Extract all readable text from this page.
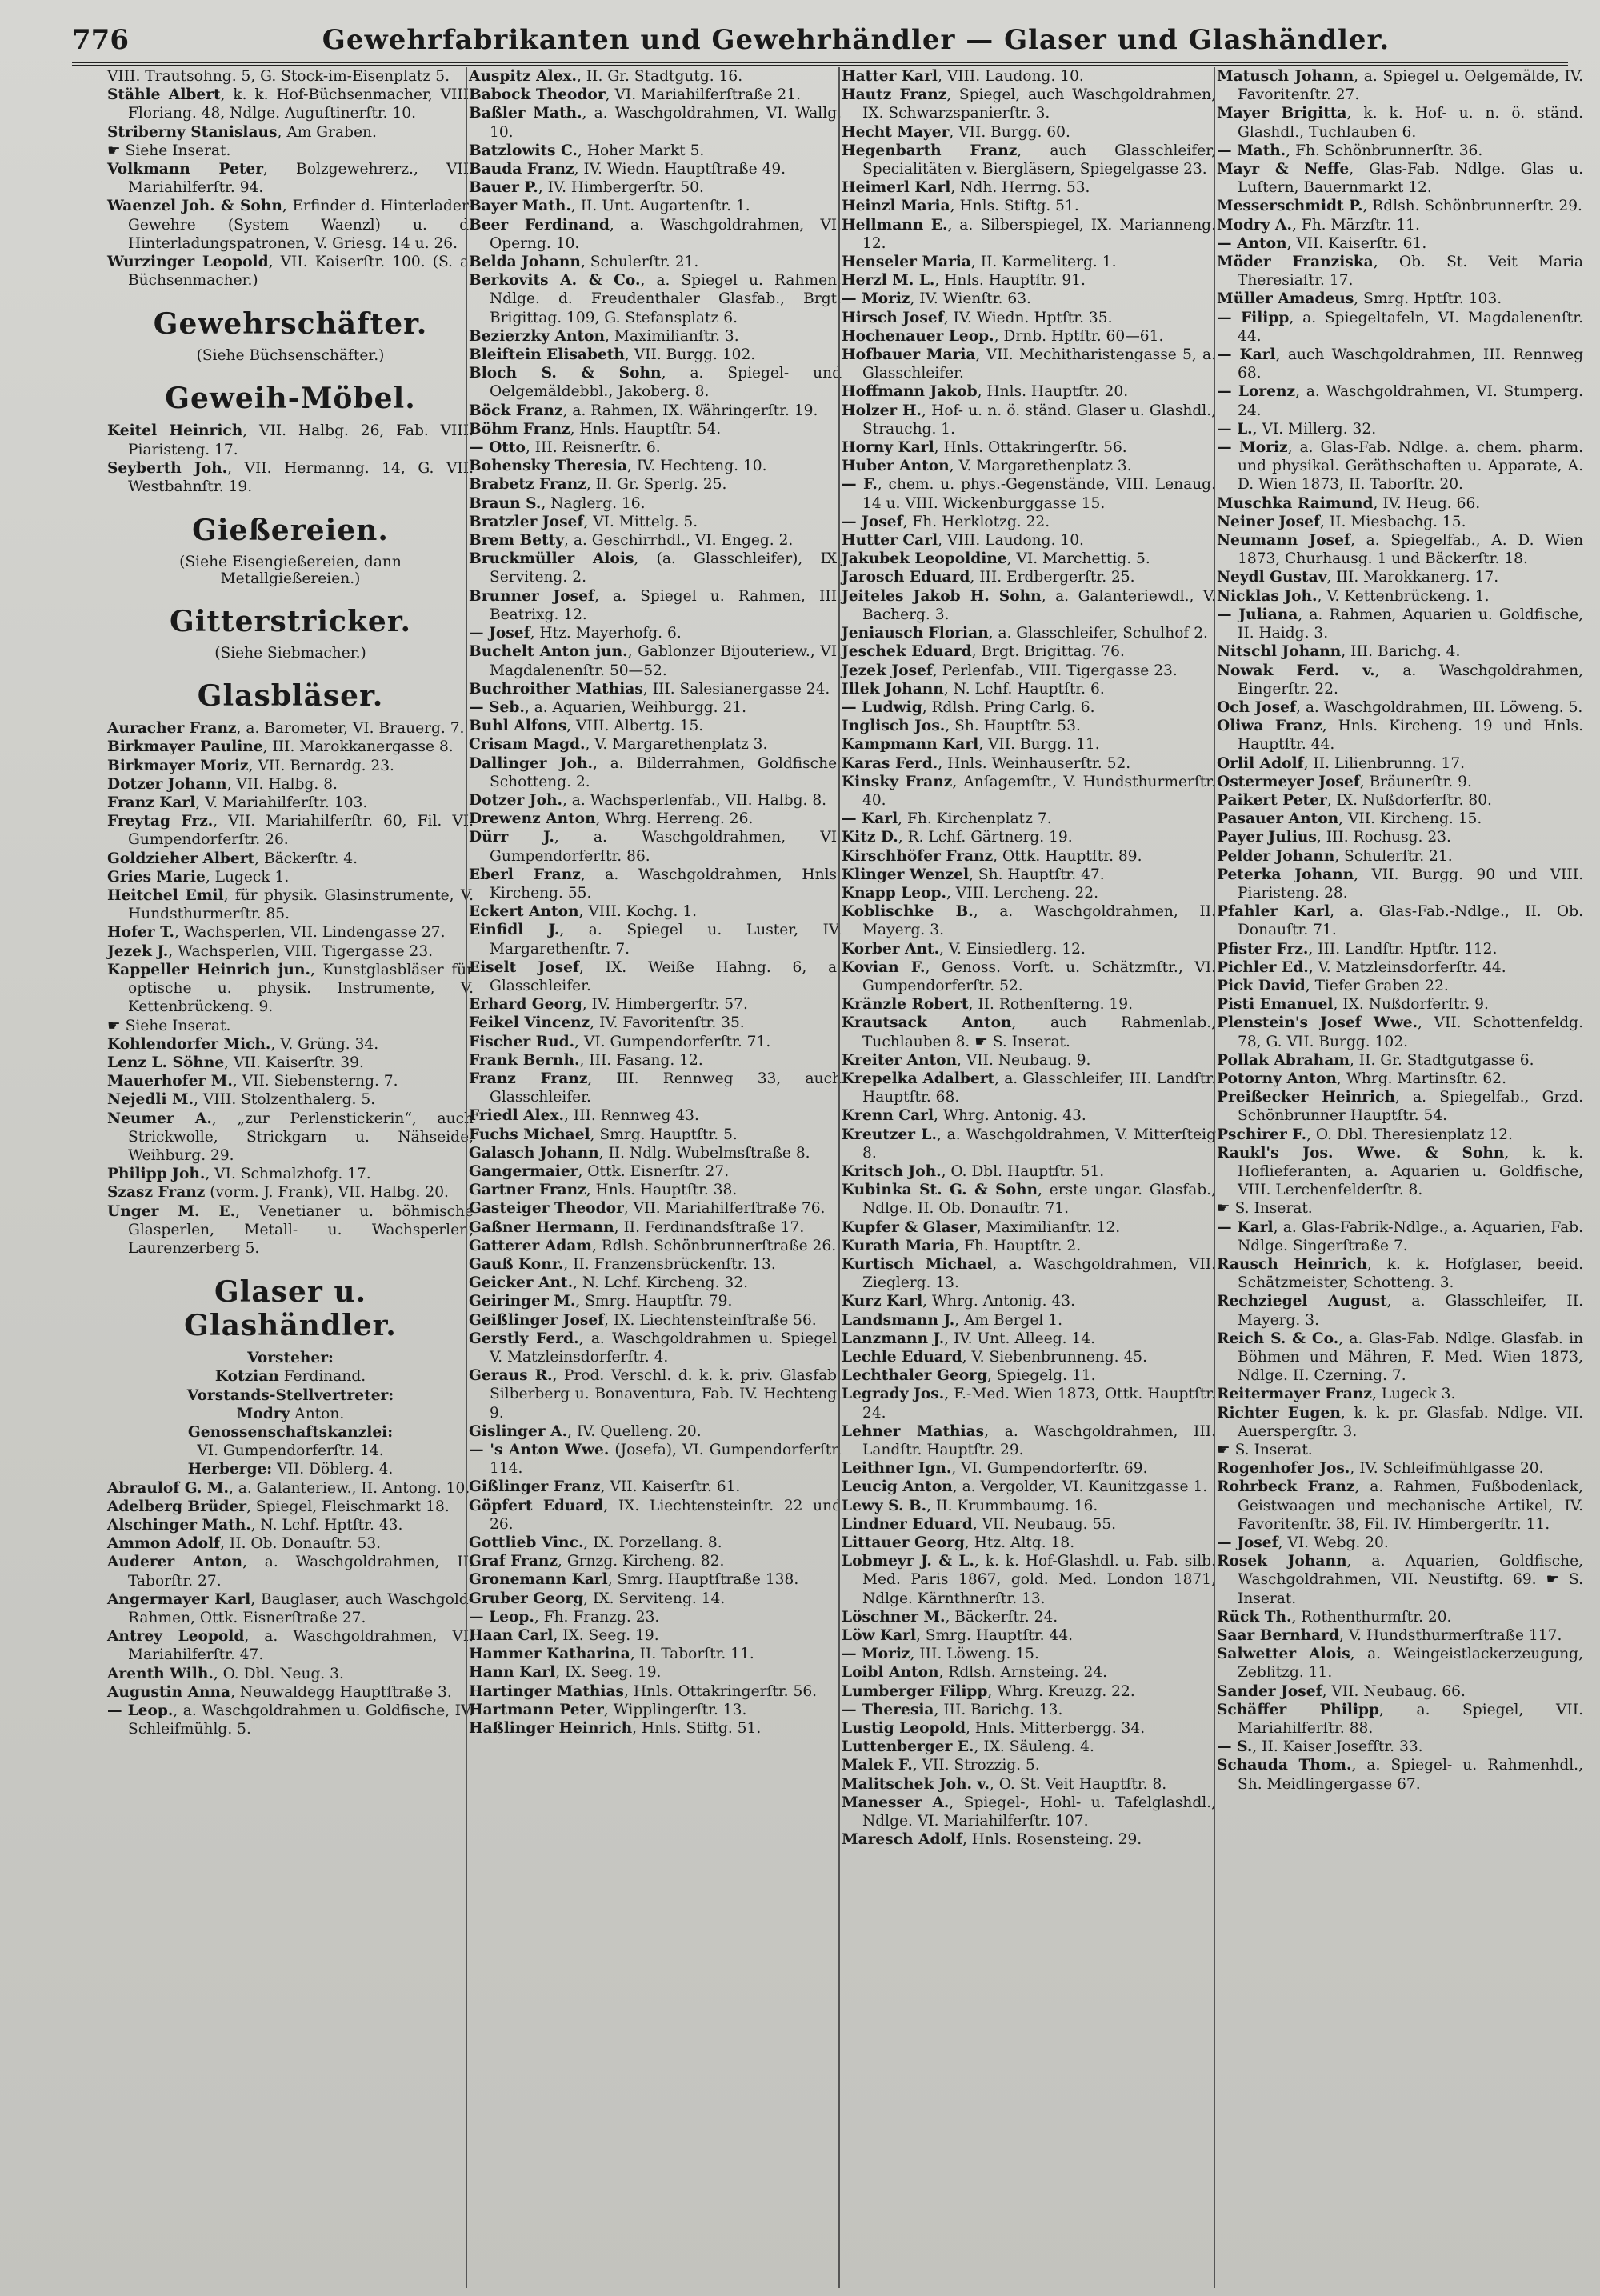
776	Gewehrfabrikanten und Gewehrhändler — Glaser und Glashändler.
VIII. Trautsohng. 5, G. Stock-im-Eisenplatz 5.
Stähle Albert, k. k. Hof-Büchsenmacher, VIII. Floriang. 48, Ndlge. Auguſtinerſtr. 10.
Striberny Stanislaus, Am Graben.
☛ Siehe Inserat.
Volkmann Peter, Bolzgewehrerz., VII. Mariahilferſtr. 94.
Waenzel Joh. & Sohn, Erfinder d. Hinterlader-Gewehre (System Waenzl) u. d. Hinterladungspatronen, V. Griesg. 14 u. 26.
Wurzinger Leopold, VII. Kaiserſtr. 100. (S. a. Büchsenmacher.)
Gewehrschäfter.
(Siehe Büchsenschäfter.)
Geweih-Möbel.
Keitel Heinrich, VII. Halbg. 26, Fab. VIII. Piaristeng. 17.
Seyberth Joh., VII. Hermanng. 14, G. VII. Westbahnſtr. 19.
Gießereien.
(Siehe Eisengießereien, dann Metallgießereien.)
Gitterstricker.
(Siehe Siebmacher.)
Glasbläser.
Auracher Franz, a. Barometer, VI. Brauerg. 7.
Birkmayer Pauline, III. Marokkanergasse 8.
Birkmayer Moriz, VII. Bernardg. 23.
Dotzer Johann, VII. Halbg. 8.
Franz Karl, V. Mariahilferſtr. 103.
Freytag Frz., VII. Mariahilferſtr. 60, Fil. VI. Gumpendorferſtr. 26.
Goldzieher Albert, Bäckerſtr. 4.
Gries Marie, Lugeck 1.
Heitchel Emil, für physik. Glasinstrumente, V. Hundsthurmerſtr. 85.
Hofer T., Wachsperlen, VII. Lindengasse 27.
Jezek J., Wachsperlen, VIII. Tigergasse 23.
Kappeller Heinrich jun., Kunstglasbläser für optische u. physik. Instrumente, V. Kettenbrückeng. 9.
☛ Siehe Inserat.
Kohlendorfer Mich., V. Grüng. 34.
Lenz L. Söhne, VII. Kaiserſtr. 39.
Mauerhofer M., VII. Siebensterng. 7.
Nejedli M., VIII. Stolzenthalerg. 5.
Neumer A., „zur Perlenstickerin“, auch Strickwolle, Strickgarn u. Nähseide, Weihburg. 29.
Philipp Joh., VI. Schmalzhofg. 17.
Szasz Franz (vorm. J. Frank), VII. Halbg. 20.
Unger M. E., Venetianer u. böhmische Glasperlen, Metall- u. Wachsperlen, Laurenzerberg 5.
Glaser u. Glashändler.
Vorsteher:
Kotzian Ferdinand.
Vorstands-Stellvertreter:
Modry Anton.
Genossenschaftskanzlei:
VI. Gumpendorferſtr. 14.
Herberge: VII. Döblerg. 4.
Abraulof G. M., a. Galanteriew., II. Antong. 10.
Adelberg Brüder, Spiegel, Fleischmarkt 18.
Alschinger Math., N. Lchf. Hptſtr. 43.
Ammon Adolf, II. Ob. Donauſtr. 53.
Auderer Anton, a. Waschgoldrahmen, II. Taborſtr. 27.
Angermayer Karl, Bauglaser, auch Waschgold-Rahmen, Ottk. Eisnerſtraße 27.
Antrey Leopold, a. Waschgoldrahmen, VI. Mariahilferſtr. 47.
Arenth Wilh., O. Dbl. Neug. 3.
Augustin Anna, Neuwaldegg Hauptſtraße 3.
— Leop., a. Waschgoldrahmen u. Goldfische, IV. Schleifmühlg. 5.
Auspitz Alex., II. Gr. Stadtgutg. 16.
Babock Theodor, VI. Mariahilferſtraße 21.
Baßler Math., a. Waschgoldrahmen, VI. Wallg. 10.
Batzlowits C., Hoher Markt 5.
Bauda Franz, IV. Wiedn. Hauptſtraße 49.
Bauer P., IV. Himbergerſtr. 50.
Bayer Math., II. Unt. Augartenſtr. 1.
Beer Ferdinand, a. Waschgoldrahmen, VI. Operng. 10.
Belda Johann, Schulerſtr. 21.
Berkovits A. & Co., a. Spiegel u. Rahmen, Ndlge. d. Freudenthaler Glasfab., Brgt. Brigittag. 109, G. Stefansplatz 6.
Bezierzky Anton, Maximilianſtr. 3.
Bleiftein Elisabeth, VII. Burgg. 102.
Bloch S. & Sohn, a. Spiegel- und Oelgemäldebbl., Jakoberg. 8.
Böck Franz, a. Rahmen, IX. Währingerſtr. 19.
Böhm Franz, Hnls. Hauptſtr. 54.
— Otto, III. Reisnerſtr. 6.
Bohensky Theresia, IV. Hechteng. 10.
Brabetz Franz, II. Gr. Sperlg. 25.
Braun S., Naglerg. 16.
Bratzler Josef, VI. Mittelg. 5.
Brem Betty, a. Geschirrhdl., VI. Engeg. 2.
Bruckmüller Alois, (a. Glasschleifer), IX. Serviteng. 2.
Brunner Josef, a. Spiegel u. Rahmen, III. Beatrixg. 12.
— Josef, Htz. Mayerhofg. 6.
Buchelt Anton jun., Gablonzer Bijouteriew., VI. Magdalenenſtr. 50—52.
Buchroither Mathias, III. Salesianergasse 24.
— Seb., a. Aquarien, Weihburgg. 21.
Buhl Alfons, VIII. Albertg. 15.
Crisam Magd., V. Margarethenplatz 3.
Dallinger Joh., a. Bilderrahmen, Goldfische, Schotteng. 2.
Dotzer Joh., a. Wachsperlenfab., VII. Halbg. 8.
Drewenz Anton, Whrg. Herreng. 26.
Dürr J., a. Waschgoldrahmen, VI. Gumpendorferſtr. 86.
Eberl Franz, a. Waschgoldrahmen, Hnls. Kircheng. 55.
Eckert Anton, VIII. Kochg. 1.
Einfidl J., a. Spiegel u. Luster, IV. Margarethenſtr. 7.
Eiselt Josef, IX. Weiße Hahng. 6, a. Glasschleifer.
Erhard Georg, IV. Himbergerſtr. 57.
Feikel Vincenz, IV. Favoritenſtr. 35.
Fischer Rud., VI. Gumpendorferſtr. 71.
Frank Bernh., III. Fasang. 12.
Franz Franz, III. Rennweg 33, auch Glasschleifer.
Friedl Alex., III. Rennweg 43.
Fuchs Michael, Smrg. Hauptſtr. 5.
Galasch Johann, II. Ndlg. Wubelmsſtraße 8.
Gangermaier, Ottk. Eisnerſtr. 27.
Gartner Franz, Hnls. Hauptſtr. 38.
Gasteiger Theodor, VII. Mariahilferſtraße 76.
Gaßner Hermann, II. Ferdinandsſtraße 17.
Gatterer Adam, Rdlsh. Schönbrunnerſtraße 26.
Gauß Konr., II. Franzensbrückenſtr. 13.
Geicker Ant., N. Lchf. Kircheng. 32.
Geiringer M., Smrg. Hauptſtr. 79.
Geißlinger Josef, IX. Liechtensteinſtraße 56.
Gerstly Ferd., a. Waschgoldrahmen u. Spiegel, V. Matzleinsdorferſtr. 4.
Geraus R., Prod. Verschl. d. k. k. priv. Glasfab. Silberberg u. Bonaventura, Fab. IV. Hechteng. 9.
Gislinger A., IV. Quelleng. 20.
— 's Anton Wwe. (Josefa), VI. Gumpendorferſtr. 114.
Gißlinger Franz, VII. Kaiserſtr. 61.
Göpfert Eduard, IX. Liechtensteinſtr. 22 und 26.
Gottlieb Vinc., IX. Porzellang. 8.
Graf Franz, Grnzg. Kircheng. 82.
Gronemann Karl, Smrg. Hauptſtraße 138.
Gruber Georg, IX. Serviteng. 14.
— Leop., Fh. Franzg. 23.
Haan Carl, IX. Seeg. 19.
Hammer Katharina, II. Taborſtr. 11.
Hann Karl, IX. Seeg. 19.
Hartinger Mathias, Hnls. Ottakringerſtr. 56.
Hartmann Peter, Wipplingerſtr. 13.
Haßlinger Heinrich, Hnls. Stiftg. 51.
Hatter Karl, VIII. Laudong. 10.
Hautz Franz, Spiegel, auch Waschgoldrahmen, IX. Schwarzspanierſtr. 3.
Hecht Mayer, VII. Burgg. 60.
Hegenbarth Franz, auch Glasschleifer, Specialitäten v. Biergläsern, Spiegelgasse 23.
Heimerl Karl, Ndh. Herrng. 53.
Heinzl Maria, Hnls. Stiftg. 51.
Hellmann E., a. Silberspiegel, IX. Marianneng. 12.
Henseler Maria, II. Karmeliterg. 1.
Herzl M. L., Hnls. Hauptſtr. 91.
— Moriz, IV. Wienſtr. 63.
Hirsch Josef, IV. Wiedn. Hptſtr. 35.
Hochenauer Leop., Drnb. Hptſtr. 60—61.
Hofbauer Maria, VII. Mechitharistengasse 5, a. Glasschleifer.
Hoffmann Jakob, Hnls. Hauptſtr. 20.
Holzer H., Hof- u. n. ö. ständ. Glaser u. Glashdl., Strauchg. 1.
Horny Karl, Hnls. Ottakringerſtr. 56.
Huber Anton, V. Margarethenplatz 3.
— F., chem. u. phys.-Gegenstände, VIII. Lenaug. 14 u. VIII. Wickenburggasse 15.
— Josef, Fh. Herklotzg. 22.
Hutter Carl, VIII. Laudong. 10.
Jakubek Leopoldine, VI. Marchettig. 5.
Jarosch Eduard, III. Erdbergerſtr. 25.
Jeiteles Jakob H. Sohn, a. Galanteriewdl., V. Bacherg. 3.
Jeniausch Florian, a. Glasschleifer, Schulhof 2.
Jeschek Eduard, Brgt. Brigittag. 76.
Jezek Josef, Perlenfab., VIII. Tigergasse 23.
Illek Johann, N. Lchf. Hauptſtr. 6.
— Ludwig, Rdlsh. Pring Carlg. 6.
Inglisch Jos., Sh. Hauptſtr. 53.
Kampmann Karl, VII. Burgg. 11.
Karas Ferd., Hnls. Weinhauserſtr. 52.
Kinsky Franz, Anſagemſtr., V. Hundsthurmerſtr. 40.
— Karl, Fh. Kirchenplatz 7.
Kitz D., R. Lchf. Gärtnerg. 19.
Kirschhöfer Franz, Ottk. Hauptſtr. 89.
Klinger Wenzel, Sh. Hauptſtr. 47.
Knapp Leop., VIII. Lercheng. 22.
Koblischke B., a. Waschgoldrahmen, II. Mayerg. 3.
Korber Ant., V. Einsiedlerg. 12.
Kovian F., Genoss. Vorſt. u. Schätzmſtr., VI. Gumpendorferſtr. 52.
Kränzle Robert, II. Rothenſterng. 19.
Krautsack Anton, auch Rahmenlab., Tuchlauben 8. ☛ S. Inserat.
Kreiter Anton, VII. Neubaug. 9.
Krepelka Adalbert, a. Glasschleifer, III. Landſtr. Hauptſtr. 68.
Krenn Carl, Whrg. Antonig. 43.
Kreutzer L., a. Waschgoldrahmen, V. Mitterſteig 8.
Kritsch Joh., O. Dbl. Hauptſtr. 51.
Kubinka St. G. & Sohn, erste ungar. Glasfab., Ndlge. II. Ob. Donauſtr. 71.
Kupfer & Glaser, Maximilianſtr. 12.
Kurath Maria, Fh. Hauptſtr. 2.
Kurtisch Michael, a. Waschgoldrahmen, VII. Zieglerg. 13.
Kurz Karl, Whrg. Antonig. 43.
Landsmann J., Am Bergel 1.
Lanzmann J., IV. Unt. Alleeg. 14.
Lechle Eduard, V. Siebenbrunneng. 45.
Lechthaler Georg, Spiegelg. 11.
Legrady Jos., F.-Med. Wien 1873, Ottk. Hauptſtr. 24.
Lehner Mathias, a. Waschgoldrahmen, III. Landſtr. Hauptſtr. 29.
Leithner Ign., VI. Gumpendorferſtr. 69.
Leucig Anton, a. Vergolder, VI. Kaunitzgasse 1.
Lewy S. B., II. Krummbaumg. 16.
Lindner Eduard, VII. Neubaug. 55.
Littauer Georg, Htz. Altg. 18.
Lobmeyr J. & L., k. k. Hof-Glashdl. u. Fab. silb. Med. Paris 1867, gold. Med. London 1871, Ndlge. Kärnthnerſtr. 13.
Löschner M., Bäckerſtr. 24.
Löw Karl, Smrg. Hauptſtr. 44.
— Moriz, III. Löweng. 15.
Loibl Anton, Rdlsh. Arnsteing. 24.
Lumberger Filipp, Whrg. Kreuzg. 22.
— Theresia, III. Barichg. 13.
Lustig Leopold, Hnls. Mitterbergg. 34.
Luttenberger E., IX. Säuleng. 4.
Malek F., VII. Strozzig. 5.
Malitschek Joh. v., O. St. Veit Hauptſtr. 8.
Manesser A., Spiegel-, Hohl- u. Tafelglashdl., Ndlge. VI. Mariahilferſtr. 107.
Maresch Adolf, Hnls. Rosensteing. 29.
Matusch Johann, a. Spiegel u. Oelgemälde, IV. Favoritenſtr. 27.
Mayer Brigitta, k. k. Hof- u. n. ö. ständ. Glashdl., Tuchlauben 6.
— Math., Fh. Schönbrunnerſtr. 36.
Mayr & Neffe, Glas-Fab. Ndlge. Glas u. Luſtern, Bauernmarkt 12.
Messerschmidt P., Rdlsh. Schönbrunnerſtr. 29.
Modry A., Fh. Märzſtr. 11.
— Anton, VII. Kaiserſtr. 61.
Möder Franziska, Ob. St. Veit Maria Theresiaſtr. 17.
Müller Amadeus, Smrg. Hptſtr. 103.
— Filipp, a. Spiegeltafeln, VI. Magdalenenſtr. 44.
— Karl, auch Waschgoldrahmen, III. Rennweg 68.
— Lorenz, a. Waschgoldrahmen, VI. Stumperg. 24.
— L., VI. Millerg. 32.
— Moriz, a. Glas-Fab. Ndlge. a. chem. pharm. und physikal. Geräthschaften u. Apparate, A. D. Wien 1873, II. Taborſtr. 20.
Muschka Raimund, IV. Heug. 66.
Neiner Josef, II. Miesbachg. 15.
Neumann Josef, a. Spiegelfab., A. D. Wien 1873, Churhausg. 1 und Bäckerſtr. 18.
Neydl Gustav, III. Marokkanerg. 17.
Nicklas Joh., V. Kettenbrückeng. 1.
— Juliana, a. Rahmen, Aquarien u. Goldfische, II. Haidg. 3.
Nitschl Johann, III. Barichg. 4.
Nowak Ferd. v., a. Waschgoldrahmen, Eingerſtr. 22.
Och Josef, a. Waschgoldrahmen, III. Löweng. 5.
Oliwa Franz, Hnls. Kircheng. 19 und Hnls. Hauptſtr. 44.
Orlil Adolf, II. Lilienbrunng. 17.
Ostermeyer Josef, Bräunerſtr. 9.
Paikert Peter, IX. Nußdorferſtr. 80.
Pasauer Anton, VII. Kircheng. 15.
Payer Julius, III. Rochusg. 23.
Pelder Johann, Schulerſtr. 21.
Peterka Johann, VII. Burgg. 90 und VIII. Piaristeng. 28.
Pfahler Karl, a. Glas-Fab.-Ndlge., II. Ob. Donauſtr. 71.
Pfister Frz., III. Landſtr. Hptſtr. 112.
Pichler Ed., V. Matzleinsdorferſtr. 44.
Pick David, Tiefer Graben 22.
Pisti Emanuel, IX. Nußdorferſtr. 9.
Plenstein's Josef Wwe., VII. Schottenfeldg. 78, G. VII. Burgg. 102.
Pollak Abraham, II. Gr. Stadtgutgasse 6.
Potorny Anton, Whrg. Martinsſtr. 62.
Preißecker Heinrich, a. Spiegelfab., Grzd. Schönbrunner Hauptſtr. 54.
Pschirer F., O. Dbl. Theresienplatz 12.
Raukl's Jos. Wwe. & Sohn, k. k. Hoflieferanten, a. Aquarien u. Goldfische, VIII. Lerchenfelderſtr. 8.
☛ S. Inserat.
— Karl, a. Glas-Fabrik-Ndlge., a. Aquarien, Fab. Ndlge. Singerſtraße 7.
Rausch Heinrich, k. k. Hofglaser, beeid. Schätzmeister, Schotteng. 3.
Rechziegel August, a. Glasschleifer, II. Mayerg. 3.
Reich S. & Co., a. Glas-Fab. Ndlge. Glasfab. in Böhmen und Mähren, F. Med. Wien 1873, Ndlge. II. Czerning. 7.
Reitermayer Franz, Lugeck 3.
Richter Eugen, k. k. pr. Glasfab. Ndlge. VII. Auerspergſtr. 3.
☛ S. Inserat.
Rogenhofer Jos., IV. Schleifmühlgasse 20.
Rohrbeck Franz, a. Rahmen, Fußbodenlack, Geistwaagen und mechanische Artikel, IV. Favoritenſtr. 38, Fil. IV. Himbergerſtr. 11.
— Josef, VI. Webg. 20.
Rosek Johann, a. Aquarien, Goldfische, Waschgoldrahmen, VII. Neustiftg. 69. ☛ S. Inserat.
Rück Th., Rothenthurmſtr. 20.
Saar Bernhard, V. Hundsthurmerſtraße 117.
Salwetter Alois, a. Weingeistlackerzeugung, Zeblitzg. 11.
Sander Josef, VII. Neubaug. 66.
Schäffer Philipp, a. Spiegel, VII. Mariahilferſtr. 88.
— S., II. Kaiser Josefſtr. 33.
Schauda Thom., a. Spiegel- u. Rahmenhdl., Sh. Meidlingergasse 67.
